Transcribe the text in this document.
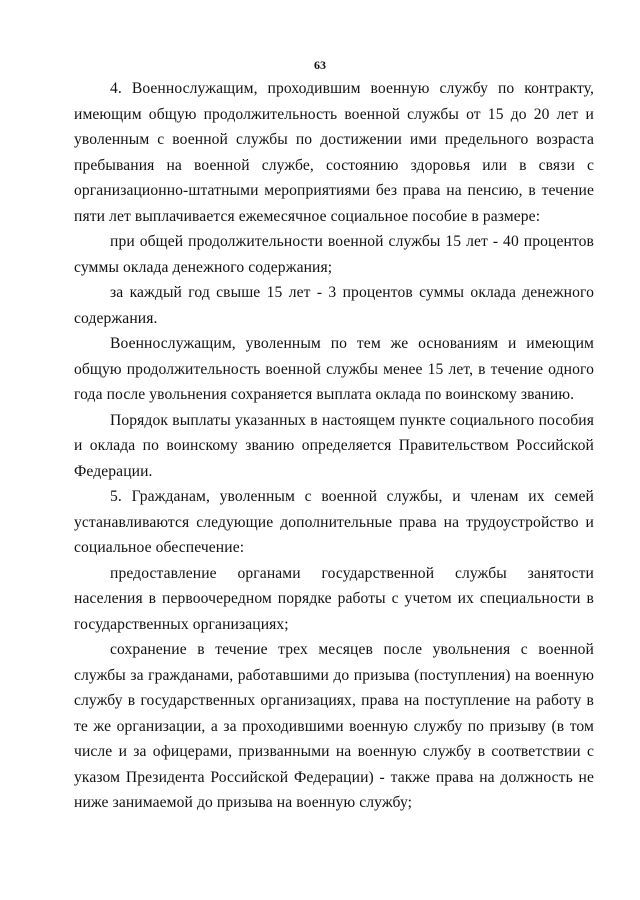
63

4. Военнослужащим, проходившим военную службу по контракту, имеющим общую продолжительность военной службы от 15 до 20 лет и уволенным с военной службы по достижении ими предельного возраста пребывания на военной службе, состоянию здоровья или в связи с организационно-штатными мероприятиями без права на пенсию, в течение пяти лет выплачивается ежемесячное социальное пособие в размере:

при общей продолжительности военной службы 15 лет - 40 процентов суммы оклада денежного содержания;

за каждый год свыше 15 лет - 3 процентов суммы оклада денежного содержания.

Военнослужащим, уволенным по тем же основаниям и имеющим общую продолжительность военной службы менее 15 лет, в течение одного года после увольнения сохраняется выплата оклада по воинскому званию.

Порядок выплаты указанных в настоящем пункте социального пособия и оклада по воинскому званию определяется Правительством Российской Федерации.

5. Гражданам, уволенным с военной службы, и членам их семей устанавливаются следующие дополнительные права на трудоустройство и социальное обеспечение:

предоставление органами государственной службы занятости населения в первоочередном порядке работы с учетом их специальности в государственных организациях;

сохранение в течение трех месяцев после увольнения с военной службы за гражданами, работавшими до призыва (поступления) на военную службу в государственных организациях, права на поступление на работу в те же организации, а за проходившими военную службу по призыву (в том числе и за офицерами, призванными на военную службу в соответствии с указом Президента Российской Федерации) - также права на должность не ниже занимаемой до призыва на военную службу;
